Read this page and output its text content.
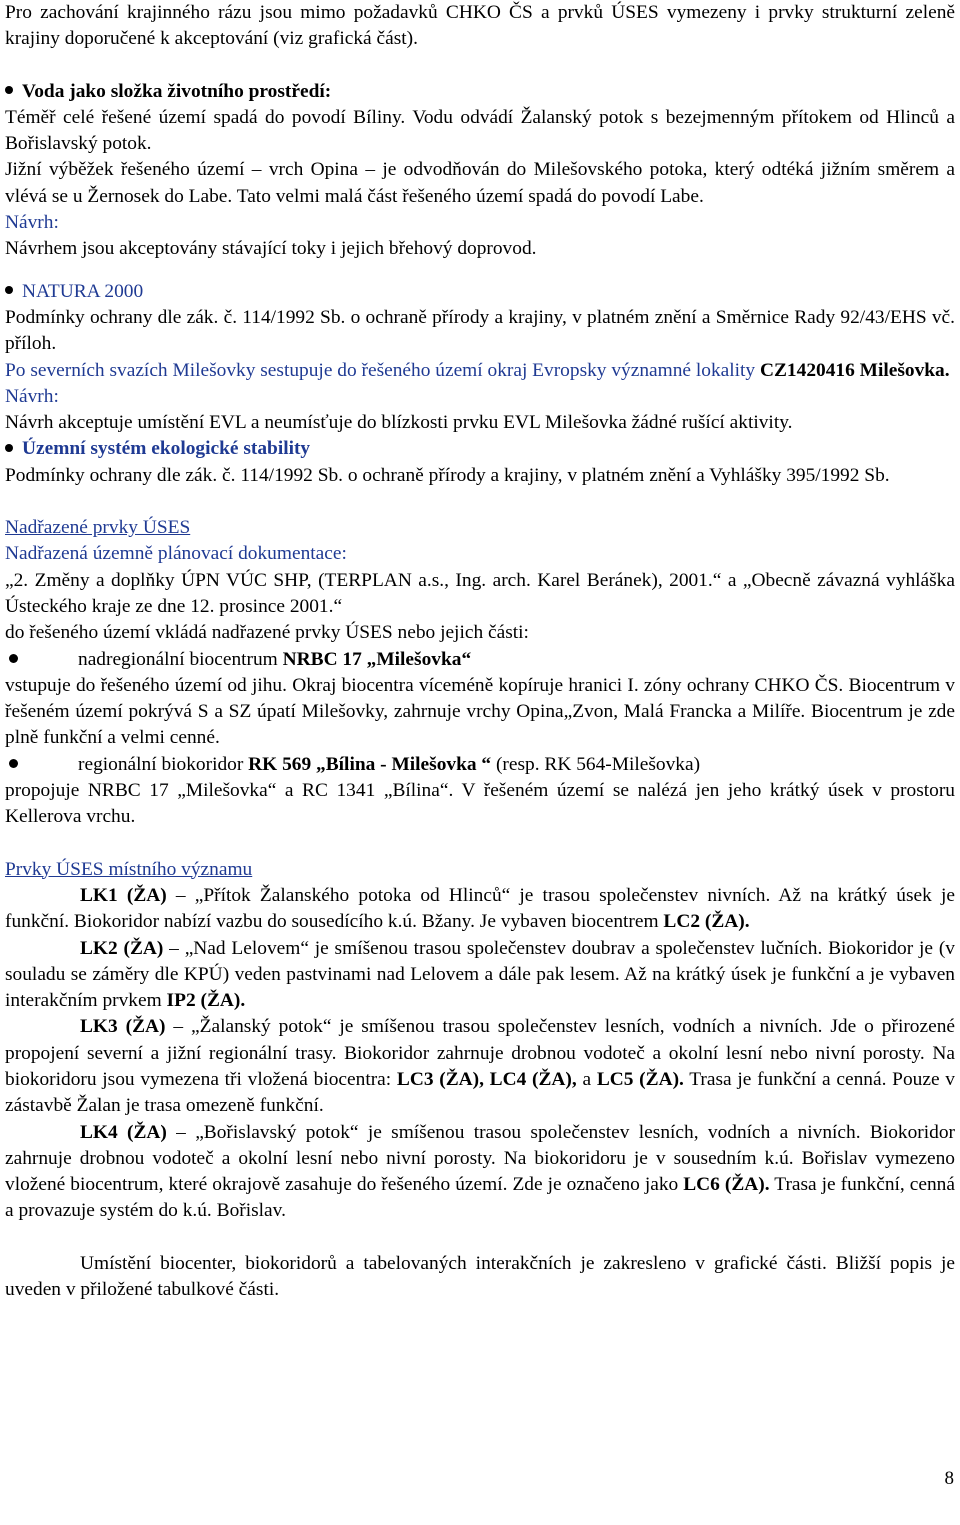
Pro zachování krajinného rázu jsou mimo požadavků CHKO ČS a prvků ÚSES vymezeny i prvky strukturní zeleně krajiny doporučené k akceptování (viz grafická část).

Voda jako složka životního prostředí:

Téměř celé řešené území spadá do povodí Bíliny. Vodu odvádí Žalanský potok s bezejmenným přítokem od Hlinců a Bořislavský potok.

Jižní výběžek řešeného území – vrch Opina – je odvodňován do Milešovského potoka, který odtéká jižním směrem a vlévá se u Žernosek do Labe. Tato velmi malá část řešeného území spadá do povodí Labe.

Návrh:

Návrhem jsou akceptovány stávající toky i jejich břehový doprovod.

NATURA 2000

Podmínky ochrany dle zák. č. 114/1992 Sb. o ochraně přírody a krajiny, v platném znění a Směrnice Rady 92/43/EHS vč. příloh.

Po severních svazích Milešovky sestupuje do řešeného území okraj Evropsky významné lokality CZ1420416 Milešovka.

Návrh:

Návrh akceptuje umístění EVL a neumísťuje do blízkosti prvku EVL Milešovka žádné rušící aktivity.

Územní systém ekologické stability

Podmínky ochrany dle zák. č. 114/1992 Sb. o ochraně přírody a krajiny, v platném znění a Vyhlášky 395/1992 Sb.

Nadřazené prvky ÚSES

Nadřazená územně plánovací dokumentace:

„2. Změny a doplňky ÚPN VÚC SHP, (TERPLAN a.s., Ing. arch. Karel Beránek), 2001.“ a „Obecně závazná vyhláška Ústeckého kraje ze dne 12. prosince 2001.“

do řešeného území vkládá nadřazené prvky ÚSES nebo jejich části:

nadregionální biocentrum NRBC 17 „Milešovka“

vstupuje do řešeného území od jihu. Okraj biocentra víceméně kopíruje hranici I. zóny ochrany CHKO ČS. Biocentrum v řešeném území pokrývá S a SZ úpatí Milešovky, zahrnuje vrchy Opina„Zvon, Malá Francka a Milíře. Biocentrum je zde plně funkční a velmi cenné.

regionální biokoridor RK 569 „Bílina - Milešovka “ (resp. RK 564-Milešovka)

propojuje NRBC 17 „Milešovka“ a RC 1341 „Bílina“. V řešeném území se nalézá jen jeho krátký úsek v prostoru Kellerova vrchu.

Prvky ÚSES místního významu

LK1 (ŽA) – „Přítok Žalanského potoka od Hlinců“ je trasou společenstev nivních. Až na krátký úsek je funkční. Biokoridor nabízí vazbu do sousedícího k.ú. Bžany. Je vybaven biocentrem LC2 (ŽA).

LK2 (ŽA) – „Nad Lelovem“ je smíšenou trasou společenstev doubrav a společenstev lučních. Biokoridor je (v souladu se záměry dle KPÚ) veden pastvinami nad Lelovem a dále pak lesem. Až na krátký úsek je funkční a je vybaven interakčním prvkem IP2 (ŽA).

LK3 (ŽA) – „Žalanský potok“ je smíšenou trasou společenstev lesních, vodních a nivních. Jde o přirozené propojení severní a jižní regionální trasy. Biokoridor zahrnuje drobnou vodoteč a okolní lesní nebo nivní porosty. Na biokoridoru jsou vymezena tři vložená biocentra: LC3 (ŽA), LC4 (ŽA), a LC5 (ŽA). Trasa je funkční a cenná. Pouze v zástavbě Žalan je trasa omezeně funkční.

LK4 (ŽA) – „Bořislavský potok“ je smíšenou trasou společenstev lesních, vodních a nivních. Biokoridor zahrnuje drobnou vodoteč a okolní lesní nebo nivní porosty. Na biokoridoru je v sousedním k.ú. Bořislav vymezeno vložené biocentrum, které okrajově zasahuje do řešeného území. Zde je označeno jako LC6 (ŽA). Trasa je funkční, cenná a provazuje systém do k.ú. Bořislav.

Umístění biocenter, biokoridorů a tabelovaných interakčních je zakresleno v grafické části. Bližší popis je uveden v přiložené tabulkové části.

8
